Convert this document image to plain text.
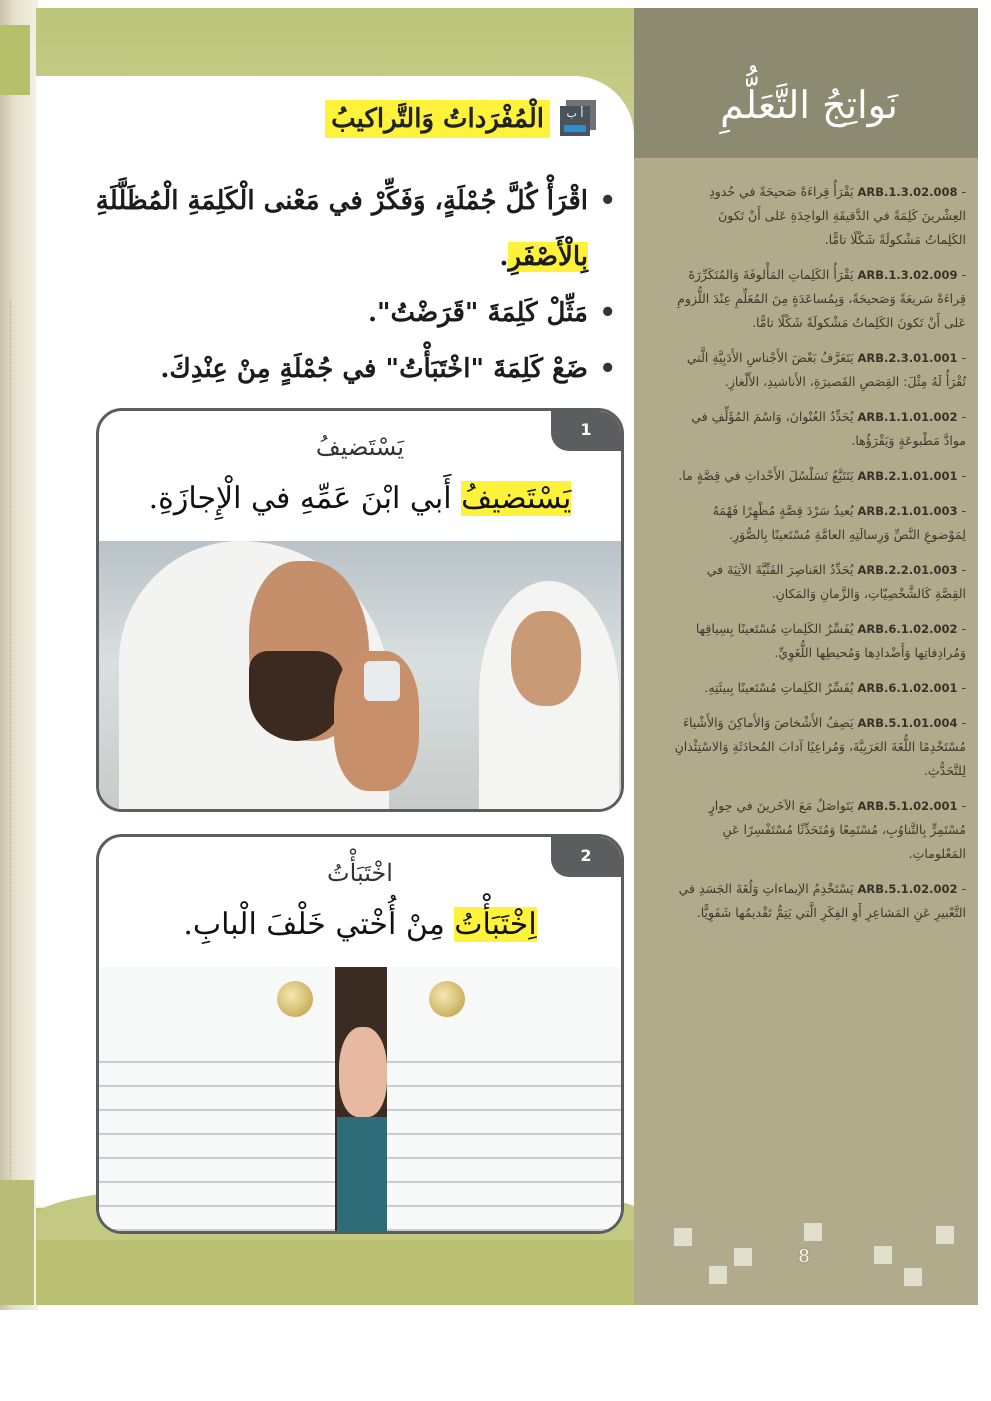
نَواتِجُ التَّعَلُّمِ
- ARB.1.3.02.008 يَقْرَأُ قِراءَةً صَحيحَةً في حُدودِ العِشْرينَ كَلِمَةً في الدَّقيقَةِ الواحِدَةِ عَلى أَنْ تَكونَ الكَلِماتُ مَشْكولَةً شَكْلًا تامًّا.
- ARB.1.3.02.009 يَقْرَأُ الكَلِماتِ المَأْلوفَةَ وَالمُتَكَرِّرَةَ قِراءَةً سَريعَةً وَصَحيحَةً، وَبِمُساعَدَةٍ مِنَ المُعَلِّمِ عِنْدَ اللُّزومِ عَلى أَنْ تَكونَ الكَلِماتُ مَشْكولَةً شَكْلًا تامًّا.
- ARB.2.3.01.001 يَتَعَرَّفُ بَعْضَ الأَجْناسِ الأَدَبِيَّةِ الَّتي تُقْرَأُ لَهُ مِثْلَ: القِصَصِ القَصيرَةِ، الأَناشيدِ، الأَلْغازِ.
- ARB.1.1.01.002 يُحَدِّدُ العُنْوانَ، وَاسْمَ المُؤَلِّفِ في موادَّ مَطْبوعَةٍ وَيَقْرَؤُها.
- ARB.2.1.01.001 يَتَتَبَّعُ تَسَلْسُلَ الأَحْداثِ في قِصَّةٍ ما.
- ARB.2.1.01.003 يُعيدُ سَرْدَ قِصَّةٍ مُظْهِرًا فَهْمَهُ لِمَوْضوعِ النَّصِّ وَرِسالَتِهِ العامَّةِ مُسْتَعينًا بِالصُّوَرِ.
- ARB.2.2.01.003 يُحَدِّدُ العَناصِرَ الفَنِّيَّةَ الآتِيَةَ في القِصَّةِ كَالشَّخْصِيّاتِ، وَالزَّمانِ وَالمَكانِ.
- ARB.6.1.02.002 يُفَسِّرُ الكَلِماتِ مُسْتَعينًا بِسِياقِها وَمُرادِفاتِها وَأَضْدادِها وَمُحيطِها اللُّغَوِيِّ.
- ARB.6.1.02.001 يُفَسِّرُ الكَلِماتِ مُسْتَعينًا بِبيئَتِهِ.
- ARB.5.1.01.004 يَصِفُ الأَشْخاصَ وَالأَماكِنَ وَالأَشْياءَ مُسْتَخْدِمًا اللُّغَةَ العَرَبِيَّةَ، وَمُراعِيًا آدابَ المُحادَثَةِ وَالاسْتِئْذانِ لِلتَّحَدُّثِ.
- ARB.5.1.02.001 يَتَواصَلُ مَعَ الآخَرينَ في حِوارٍ مُسْتَمِرٍّ بِالتَّناوُبِ، مُسْتَمِعًا وَمُتَحَدِّثًا مُسْتَفْسِرًا عَنِ المَعْلوماتِ.
- ARB.5.1.02.002 يَسْتَخْدِمُ الإيماءاتِ وَلُغَةَ الجَسَدِ في التَّعْبيرِ عَنِ المَشاعِرِ أَوِ الفِكَرِ الَّتي يَتِمُّ تَقْديمُها شَفَوِيًّا.
8
أ ب
الْمُفْرَداتُ وَالتَّراكيبُ
• اقْرَأْ كُلَّ جُمْلَةٍ، وَفَكِّرْ في مَعْنى الْكَلِمَةِ الْمُظَلَّلَةِ بِالْأَصْفَرِ.
• مَثِّلْ كَلِمَةَ "قَرَضْتُ".
• ضَعْ كَلِمَةَ "اخْتَبَأْتُ" في جُمْلَةٍ مِنْ عِنْدِكَ.
1
يَسْتَضيفُ
يَسْتَضيفُ أَبي ابْنَ عَمِّهِ في الْإِجازَةِ.
2
اخْتَبَأْتُ
اِخْتَبَأْتُ مِنْ أُخْتي خَلْفَ الْبابِ.
